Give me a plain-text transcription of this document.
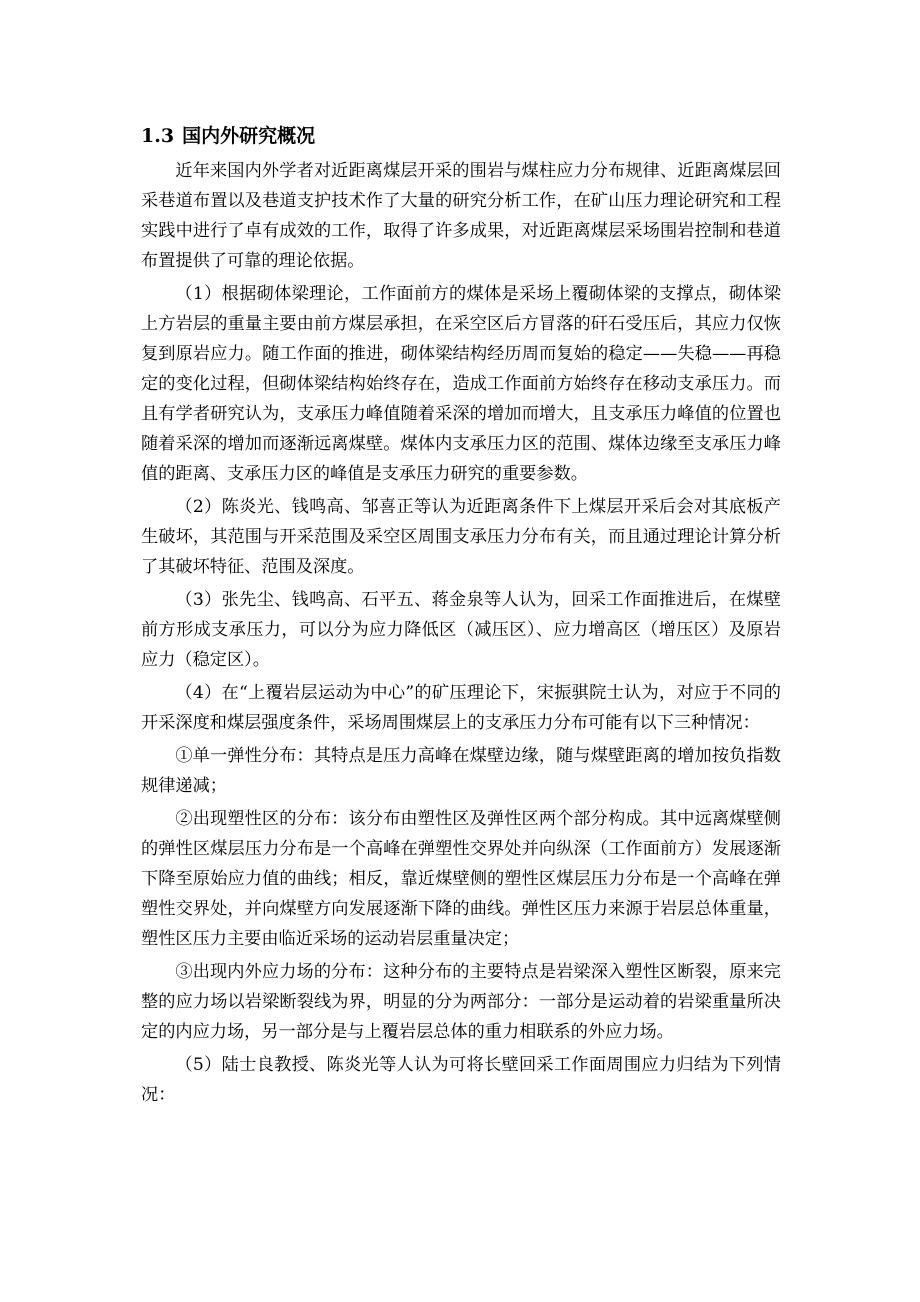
1.3 国内外研究概况

近年来国内外学者对近距离煤层开采的围岩与煤柱应力分布规律、近距离煤层回采巷道布置以及巷道支护技术作了大量的研究分析工作，在矿山压力理论研究和工程实践中进行了卓有成效的工作，取得了许多成果，对近距离煤层采场围岩控制和巷道布置提供了可靠的理论依据。

（1）根据砌体梁理论，工作面前方的煤体是采场上覆砌体梁的支撑点，砌体梁上方岩层的重量主要由前方煤层承担，在采空区后方冒落的矸石受压后，其应力仅恢复到原岩应力。随工作面的推进，砌体梁结构经历周而复始的稳定——失稳——再稳定的变化过程，但砌体梁结构始终存在，造成工作面前方始终存在移动支承压力。而且有学者研究认为，支承压力峰值随着采深的增加而增大，且支承压力峰值的位置也随着采深的增加而逐渐远离煤壁。煤体内支承压力区的范围、煤体边缘至支承压力峰值的距离、支承压力区的峰值是支承压力研究的重要参数。

（2）陈炎光、钱鸣高、邹喜正等认为近距离条件下上煤层开采后会对其底板产生破坏，其范围与开采范围及采空区周围支承压力分布有关，而且通过理论计算分析了其破坏特征、范围及深度。

（3）张先尘、钱鸣高、石平五、蒋金泉等人认为，回采工作面推进后，在煤壁前方形成支承压力，可以分为应力降低区（减压区）、应力增高区（增压区）及原岩应力（稳定区）。

（4）在“上覆岩层运动为中心”的矿压理论下，宋振骐院士认为，对应于不同的开采深度和煤层强度条件，采场周围煤层上的支承压力分布可能有以下三种情况：

①单一弹性分布：其特点是压力高峰在煤壁边缘，随与煤壁距离的增加按负指数规律递减；

②出现塑性区的分布：该分布由塑性区及弹性区两个部分构成。其中远离煤壁侧的弹性区煤层压力分布是一个高峰在弹塑性交界处并向纵深（工作面前方）发展逐渐下降至原始应力值的曲线；相反，靠近煤壁侧的塑性区煤层压力分布是一个高峰在弹塑性交界处，并向煤壁方向发展逐渐下降的曲线。弹性区压力来源于岩层总体重量，塑性区压力主要由临近采场的运动岩层重量决定；

③出现内外应力场的分布：这种分布的主要特点是岩梁深入塑性区断裂，原来完整的应力场以岩梁断裂线为界，明显的分为两部分：一部分是运动着的岩梁重量所决定的内应力场，另一部分是与上覆岩层总体的重力相联系的外应力场。

（5）陆士良教授、陈炎光等人认为可将长壁回采工作面周围应力归结为下列情况：
